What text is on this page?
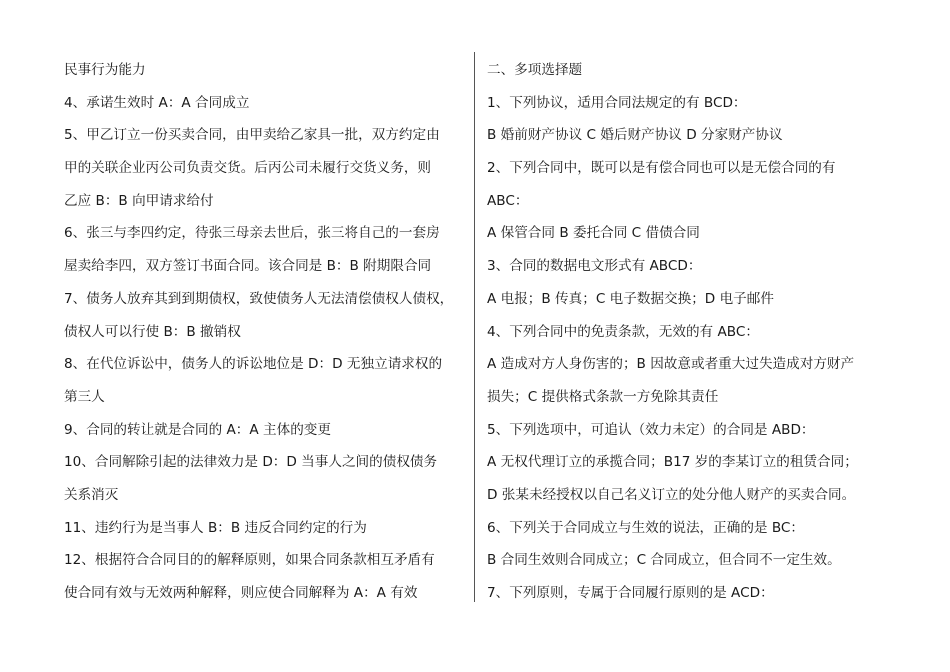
民事行为能力
4、承诺生效时 A：A 合同成立
5、甲乙订立一份买卖合同，由甲卖给乙家具一批，双方约定由
甲的关联企业丙公司负责交货。后丙公司未履行交货义务，则
乙应 B：B 向甲请求给付
6、张三与李四约定，待张三母亲去世后，张三将自己的一套房
屋卖给李四，双方签订书面合同。该合同是 B：B 附期限合同
7、债务人放弃其到到期债权，致使债务人无法清偿债权人债权，
债权人可以行使 B：B 撤销权
8、在代位诉讼中，债务人的诉讼地位是 D：D 无独立请求权的
第三人
9、合同的转让就是合同的 A：A 主体的变更
10、合同解除引起的法律效力是 D：D 当事人之间的债权债务
关系消灭
11、违约行为是当事人 B：B 违反合同约定的行为
12、根据符合合同目的的解释原则，如果合同条款相互矛盾有
使合同有效与无效两种解释，则应使合同解释为 A：A 有效
二、多项选择题
1、下列协议，适用合同法规定的有 BCD：
B 婚前财产协议 C 婚后财产协议 D 分家财产协议
2、下列合同中，既可以是有偿合同也可以是无偿合同的有
ABC：
A 保管合同 B 委托合同 C 借债合同
3、合同的数据电文形式有 ABCD：
A 电报；B 传真；C 电子数据交换；D 电子邮件
4、下列合同中的免责条款，无效的有 ABC：
A 造成对方人身伤害的；B 因故意或者重大过失造成对方财产
损失；C 提供格式条款一方免除其责任
5、下列选项中，可追认（效力未定）的合同是 ABD：
A 无权代理订立的承揽合同；B17 岁的李某订立的租赁合同；
D 张某未经授权以自己名义订立的处分他人财产的买卖合同。
6、下列关于合同成立与生效的说法，正确的是 BC：
B 合同生效则合同成立；C 合同成立，但合同不一定生效。
7、下列原则，专属于合同履行原则的是 ACD：
